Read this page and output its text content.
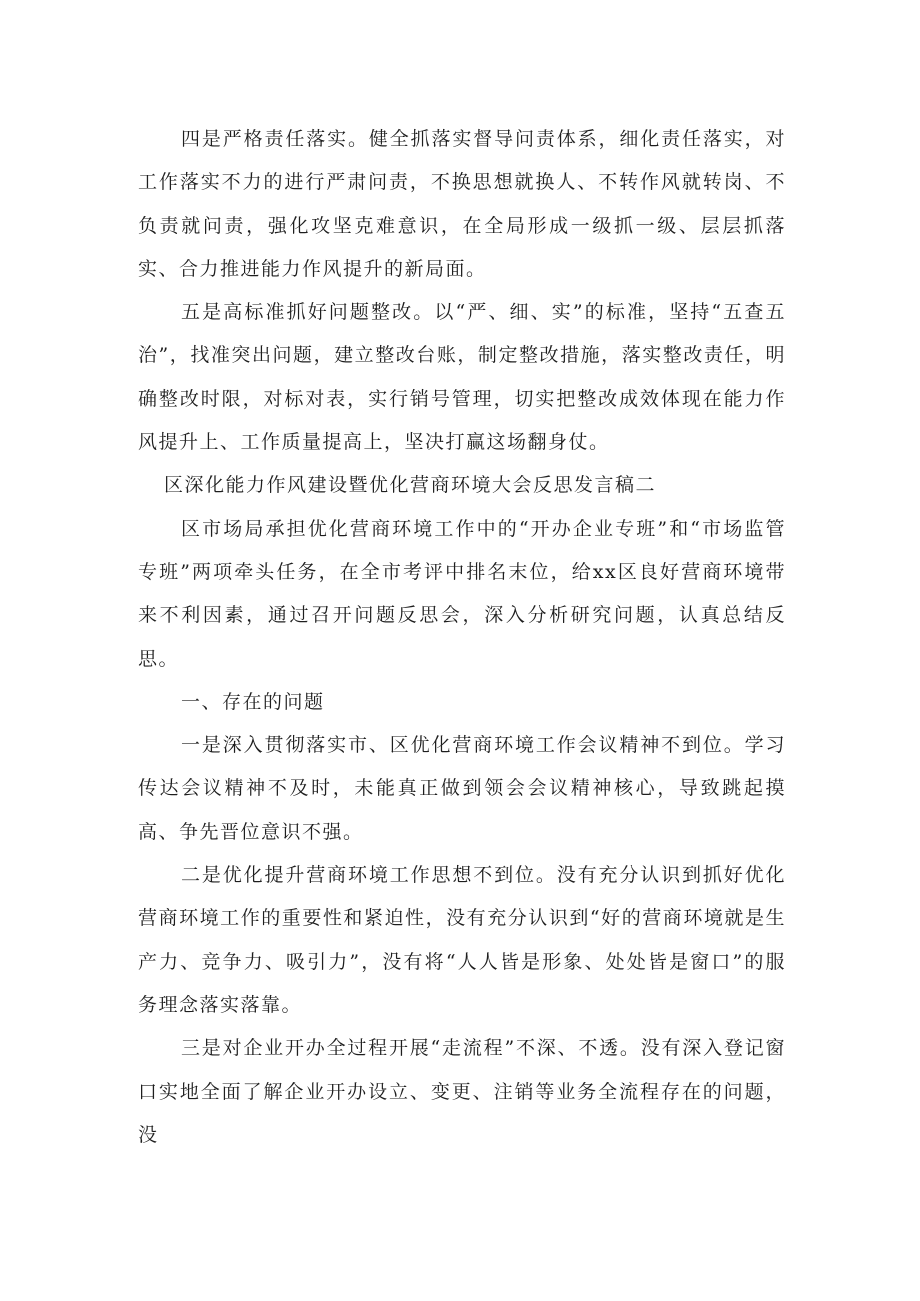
四是严格责任落实。健全抓落实督导问责体系，细化责任落实，对工作落实不力的进行严肃问责，不换思想就换人、不转作风就转岗、不负责就问责，强化攻坚克难意识，在全局形成一级抓一级、层层抓落实、合力推进能力作风提升的新局面。

五是高标准抓好问题整改。以“严、细、实”的标准，坚持“五查五治”，找准突出问题，建立整改台账，制定整改措施，落实整改责任，明确整改时限，对标对表，实行销号管理，切实把整改成效体现在能力作风提升上、工作质量提高上，坚决打赢这场翻身仗。

区深化能力作风建设暨优化营商环境大会反思发言稿二

区市场局承担优化营商环境工作中的“开办企业专班”和“市场监管专班”两项牵头任务，在全市考评中排名末位，给xx区良好营商环境带来不利因素，通过召开问题反思会，深入分析研究问题，认真总结反思。

一、存在的问题

一是深入贯彻落实市、区优化营商环境工作会议精神不到位。学习传达会议精神不及时，未能真正做到领会会议精神核心，导致跳起摸高、争先晋位意识不强。

二是优化提升营商环境工作思想不到位。没有充分认识到抓好优化营商环境工作的重要性和紧迫性，没有充分认识到“好的营商环境就是生产力、竞争力、吸引力”，没有将“人人皆是形象、处处皆是窗口”的服务理念落实落靠。

三是对企业开办全过程开展“走流程”不深、不透。没有深入登记窗口实地全面了解企业开办设立、变更、注销等业务全流程存在的问题，没
